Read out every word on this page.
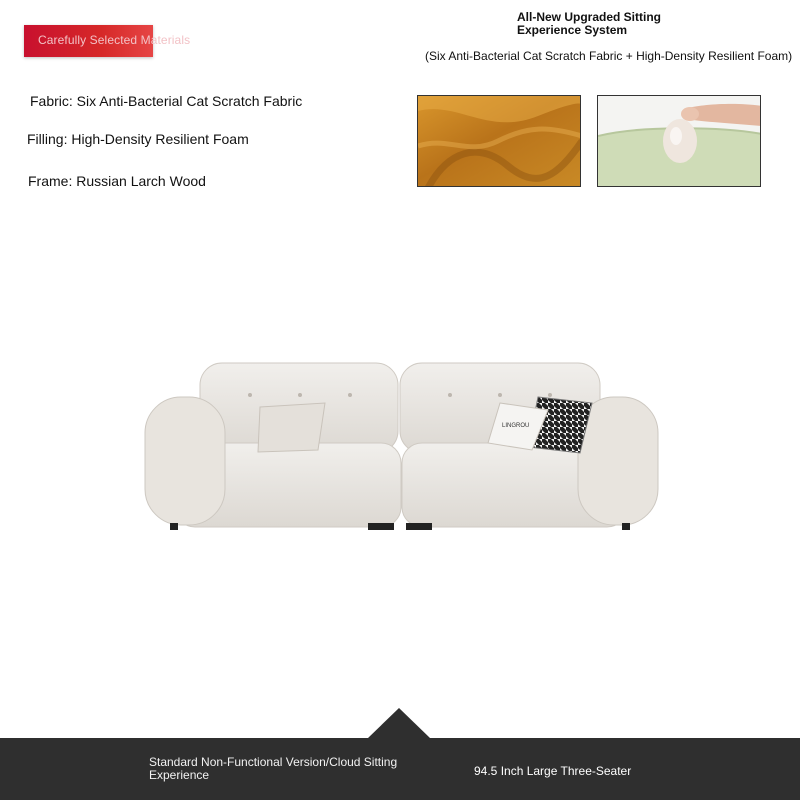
Carefully Selected Materials
All-New Upgraded Sitting Experience System
(Six Anti-Bacterial Cat Scratch Fabric + High-Density Resilient Foam)
Fabric: Six Anti-Bacterial Cat Scratch Fabric
Filling: High-Density Resilient Foam
Frame: Russian Larch Wood
LINGROU
Standard Non-Functional Version/Cloud Sitting Experience	94.5 Inch Large Three-Seater
